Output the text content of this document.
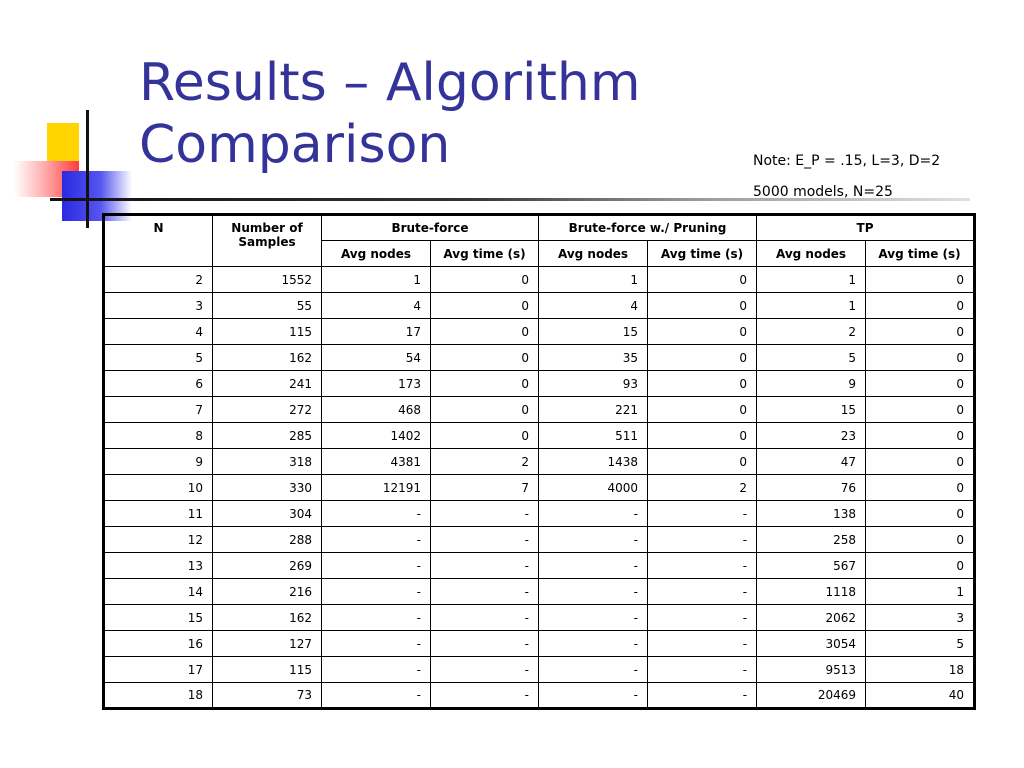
Results – Algorithm
Comparison	Note: E_P = .15, L=3, D=2
5000 models, N=25
N	Number of Samples	Brute-force		Brute-force w./ Pruning		TP	
		Avg nodes	Avg time (s)	Avg nodes	Avg time (s)	Avg nodes	Avg time (s)
2	1552	1	0	1	0	1	0
3	55	4	0	4	0	1	0
4	115	17	0	15	0	2	0
5	162	54	0	35	0	5	0
6	241	173	0	93	0	9	0
7	272	468	0	221	0	15	0
8	285	1402	0	511	0	23	0
9	318	4381	2	1438	0	47	0
10	330	12191	7	4000	2	76	0
11	304	-	-	-	-	138	0
12	288	-	-	-	-	258	0
13	269	-	-	-	-	567	0
14	216	-	-	-	-	1118	1
15	162	-	-	-	-	2062	3
16	127	-	-	-	-	3054	5
17	115	-	-	-	-	9513	18
18	73	-	-	-	-	20469	40
